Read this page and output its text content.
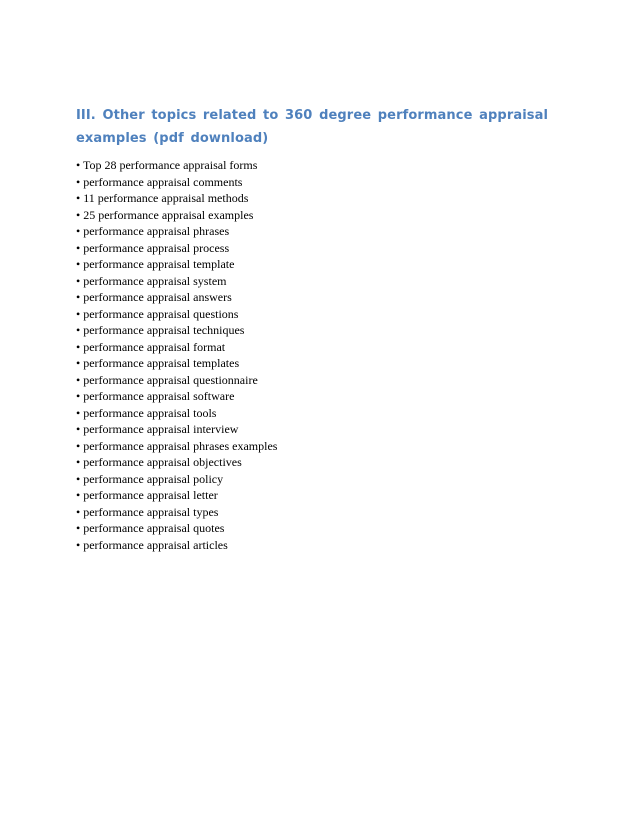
III. Other topics related to 360 degree performance appraisal examples (pdf download)
• Top 28 performance appraisal forms
• performance appraisal comments
• 11 performance appraisal methods
• 25 performance appraisal examples
• performance appraisal phrases
• performance appraisal process
• performance appraisal template
• performance appraisal system
• performance appraisal answers
• performance appraisal questions
• performance appraisal techniques
• performance appraisal format
• performance appraisal templates
• performance appraisal questionnaire
• performance appraisal software
• performance appraisal tools
• performance appraisal interview
• performance appraisal phrases examples
• performance appraisal objectives
• performance appraisal policy
• performance appraisal letter
• performance appraisal types
• performance appraisal quotes
• performance appraisal articles
